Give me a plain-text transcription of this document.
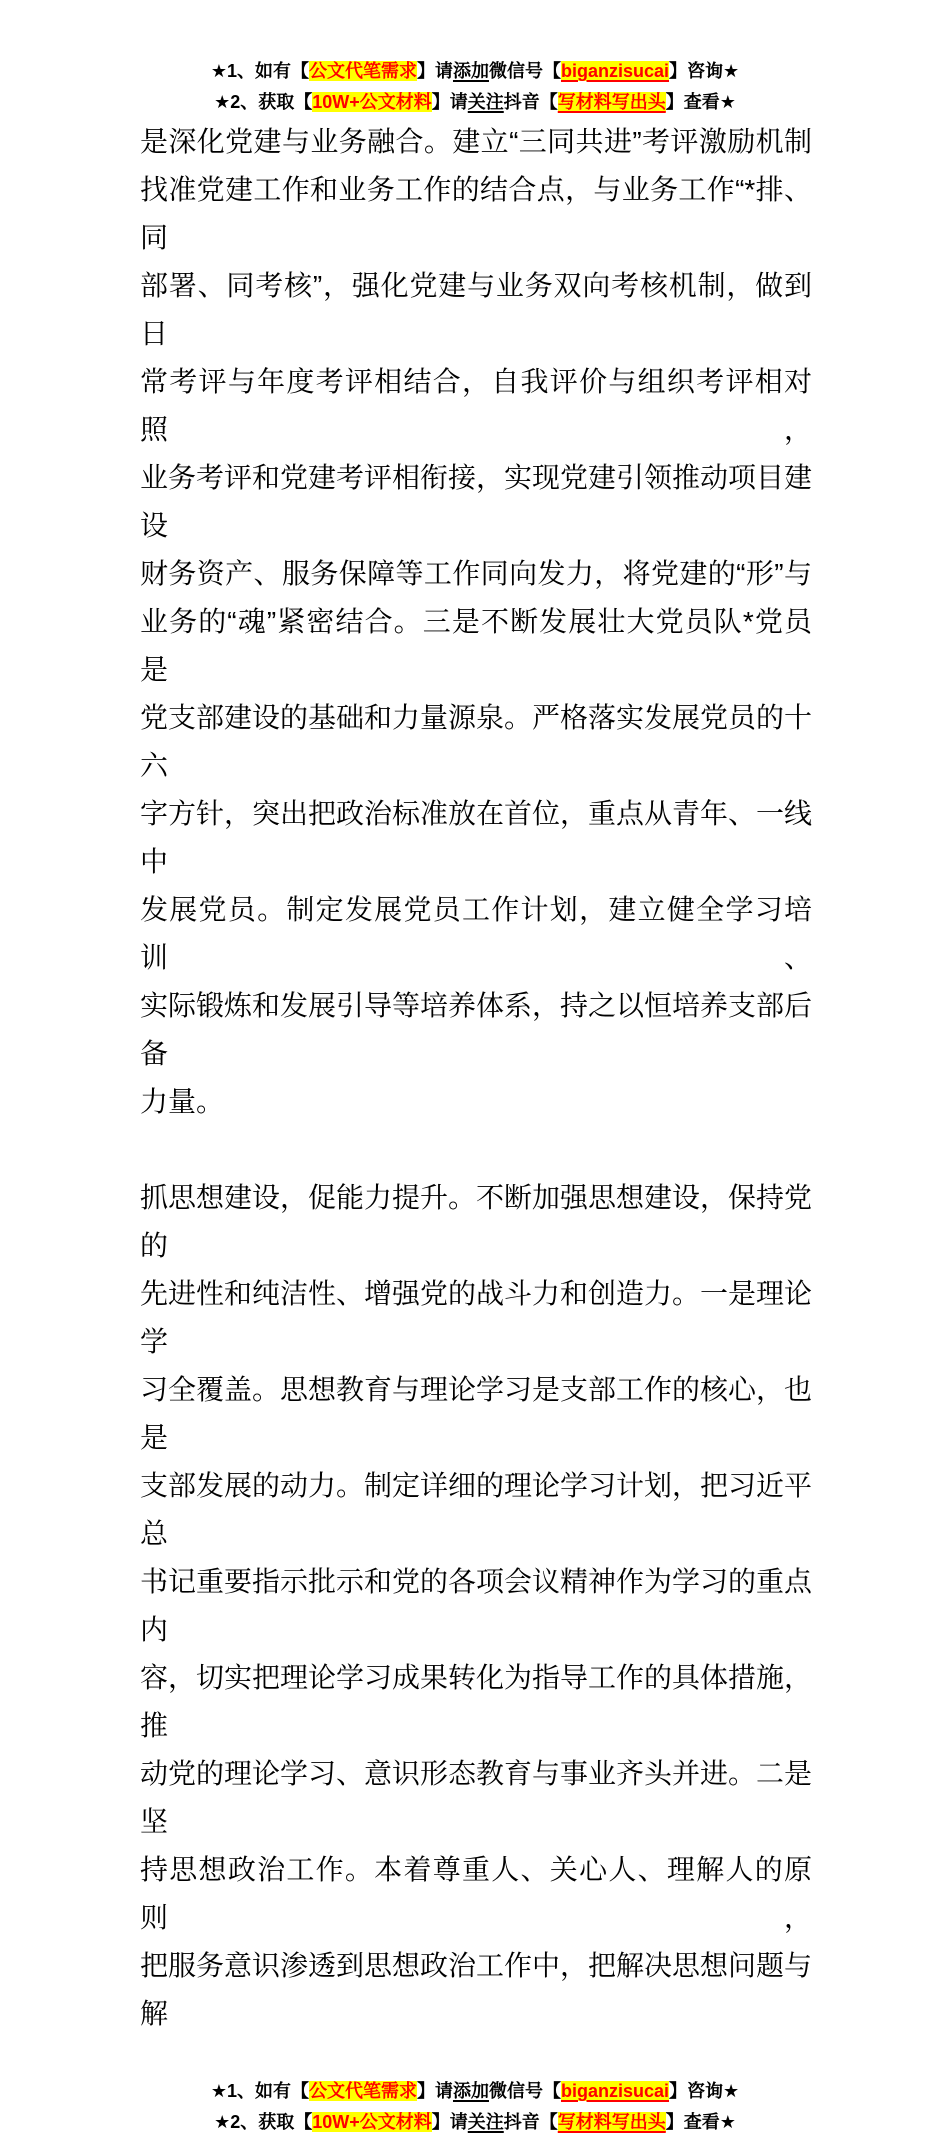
★1、如有【公文代笔需求】请添加微信号【biganzisucai】咨询★
★2、获取【10W+公文材料】请关注抖音【写材料写出头】查看★
是深化党建与业务融合。建立“三同共进”考评激励机制
找准党建工作和业务工作的结合点，与业务工作“*排、同
部署、同考核”，强化党建与业务双向考核机制，做到日
常考评与年度考评相结合，自我评价与组织考评相对照，
业务考评和党建考评相衔接，实现党建引领推动项目建设
财务资产、服务保障等工作同向发力，将党建的“形”与
业务的“魂”紧密结合。三是不断发展壮大党员队*党员是
党支部建设的基础和力量源泉。严格落实发展党员的十六
字方针，突出把政治标准放在首位，重点从青年、一线中
发展党员。制定发展党员工作计划，建立健全学习培训、
实际锻炼和发展引导等培养体系，持之以恒培养支部后备
力量。
抓思想建设，促能力提升。不断加强思想建设，保持党的
先进性和纯洁性、增强党的战斗力和创造力。一是理论学
习全覆盖。思想教育与理论学习是支部工作的核心，也是
支部发展的动力。制定详细的理论学习计划，把习近平总
书记重要指示批示和党的各项会议精神作为学习的重点内
容，切实把理论学习成果转化为指导工作的具体措施，推
动党的理论学习、意识形态教育与事业齐头并进。二是坚
持思想政治工作。本着尊重人、关心人、理解人的原则，
把服务意识渗透到思想政治工作中，把解决思想问题与解
★1、如有【公文代笔需求】请添加微信号【biganzisucai】咨询★
★2、获取【10W+公文材料】请关注抖音【写材料写出头】查看★
